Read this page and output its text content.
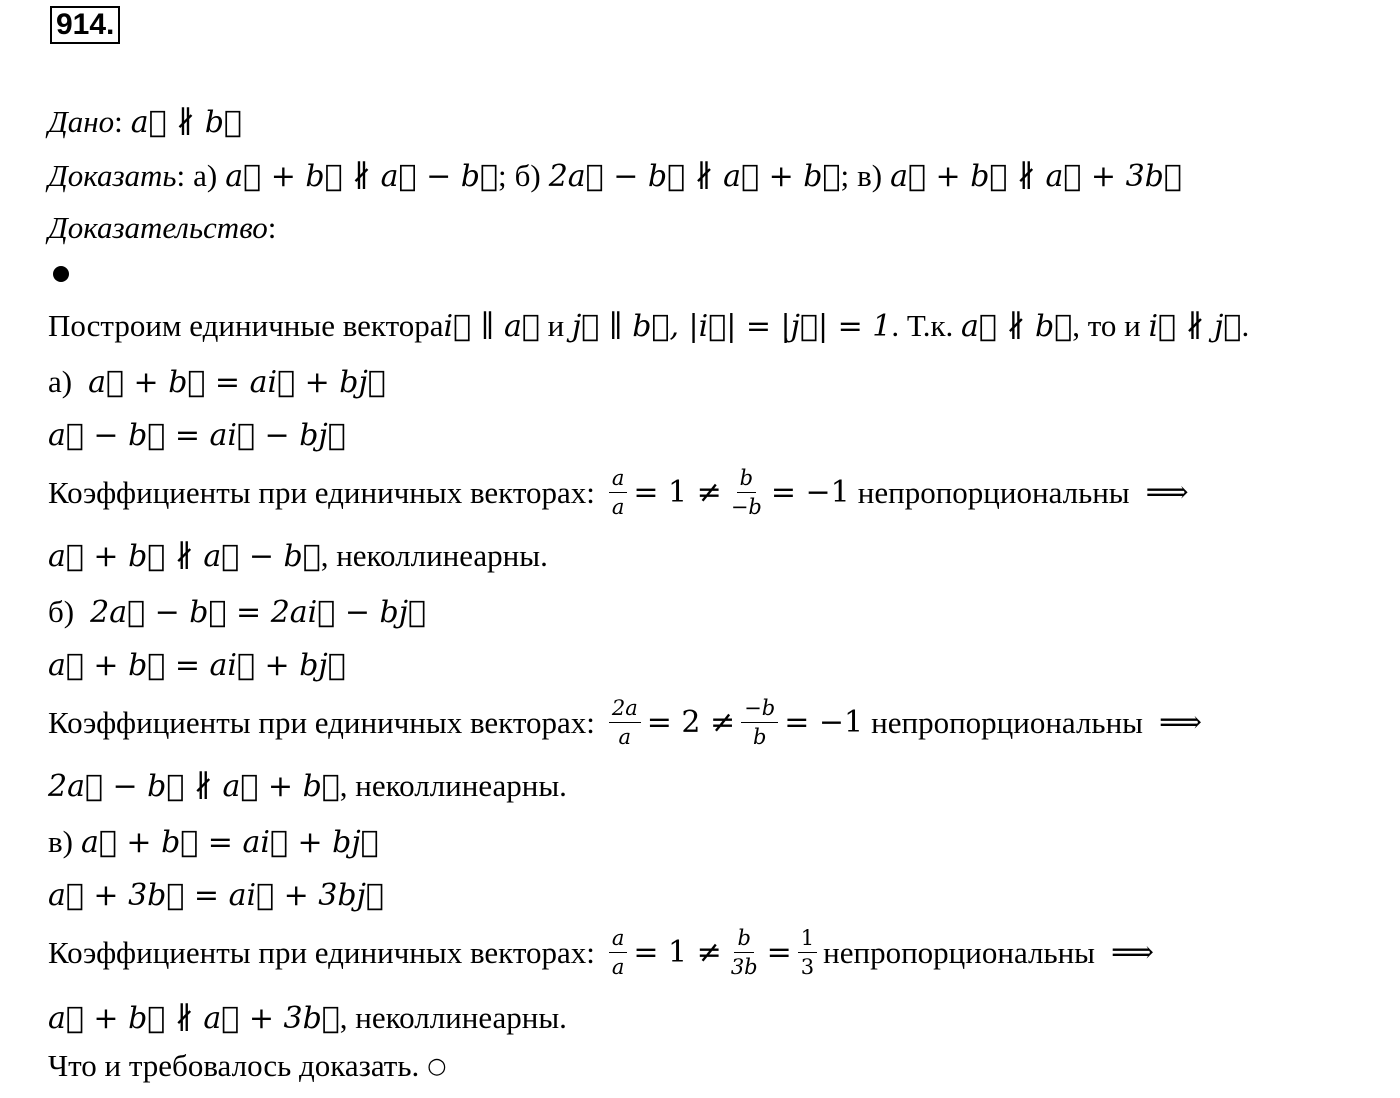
914.
Дано : a⃗ ∦ b⃗
Доказать : а) a⃗ + b⃗ ∦ a⃗ − b⃗ ; б) 2a⃗ − b⃗ ∦ a⃗ + b⃗ ; в) a⃗ + b⃗ ∦ a⃗ + 3b⃗
Доказательство :
Построим единичные вектора i⃗ ∥ a⃗ и j⃗ ∥ b⃗, |i⃗| = |j⃗| = 1 . Т.к. a⃗ ∦ b⃗ , то и i⃗ ∦ j⃗ .
а) a⃗ + b⃗ = ai⃗ + bj⃗
a⃗ − b⃗ = ai⃗ − bj⃗
Коэффициенты при единичных векторах: $\frac{a}{a} = 1 \ne \frac{b}{-b} = -1$ непропорциональны ⟹
a⃗ + b⃗ ∦ a⃗ − b⃗ , неколлинеарны.
б) 2a⃗ − b⃗ = 2ai⃗ − bj⃗
a⃗ + b⃗ = ai⃗ + bj⃗
Коэффициенты при единичных векторах: $\frac{2a}{a} = 2 \ne \frac{-b}{b} = -1$ непропорциональны ⟹
2a⃗ − b⃗ ∦ a⃗ + b⃗ , неколлинеарны.
в) a⃗ + b⃗ = ai⃗ + bj⃗
a⃗ + 3b⃗ = ai⃗ + 3bj⃗
Коэффициенты при единичных векторах: $\frac{a}{a} = 1 \ne \frac{b}{3b} = \frac{1}{3}$ непропорциональны ⟹
a⃗ + b⃗ ∦ a⃗ + 3b⃗ , неколлинеарны.
Что и требовалось доказать. ○
